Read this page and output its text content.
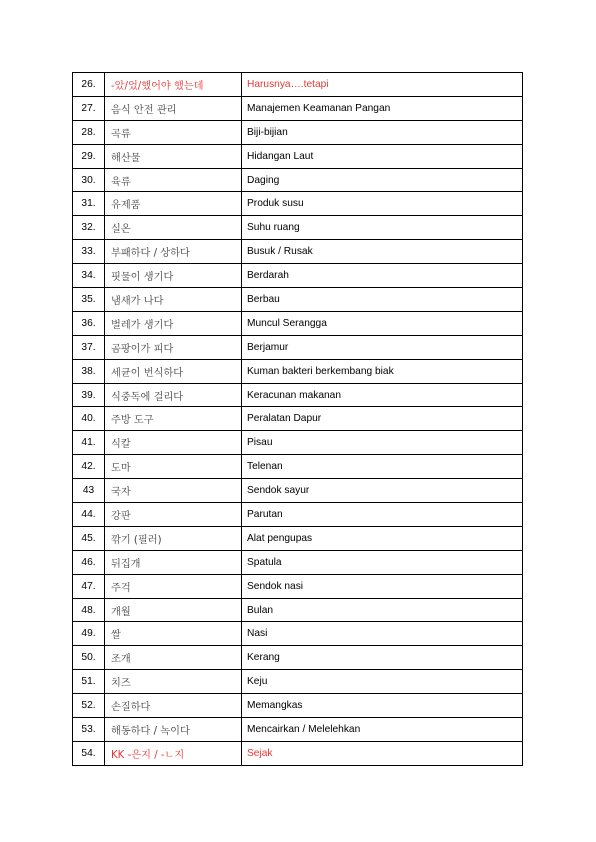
26.	-았/었/했어야 했는데	Harusnya….tetapi
27.	음식 안전 관리	Manajemen Keamanan Pangan
28.	곡류	Biji-bijian
29.	해산물	Hidangan Laut
30.	육류	Daging
31.	유제품	Produk susu
32.	실온	Suhu ruang
33.	부패하다 / 상하다	Busuk / Rusak
34.	핏물이 생기다	Berdarah
35.	냄새가 나다	Berbau
36.	벌레가 생기다	Muncul Serangga
37.	곰팡이가 피다	Berjamur
38.	세균이 번식하다	Kuman bakteri berkembang biak
39.	식중독에 걸리다	Keracunan makanan
40.	주방 도구	Peralatan Dapur
41.	식칼	Pisau
42.	도마	Telenan
43	국자	Sendok sayur
44.	강판	Parutan
45.	깎기 (필러)	Alat pengupas
46.	뒤집개	Spatula
47.	주걱	Sendok nasi
48.	개월	Bulan
49.	쌀	Nasi
50.	조개	Kerang
51.	치즈	Keju
52.	손질하다	Memangkas
53.	해동하다 / 녹이다	Mencairkan / Melelehkan
54.	KK -은지 / -ㄴ지	Sejak
